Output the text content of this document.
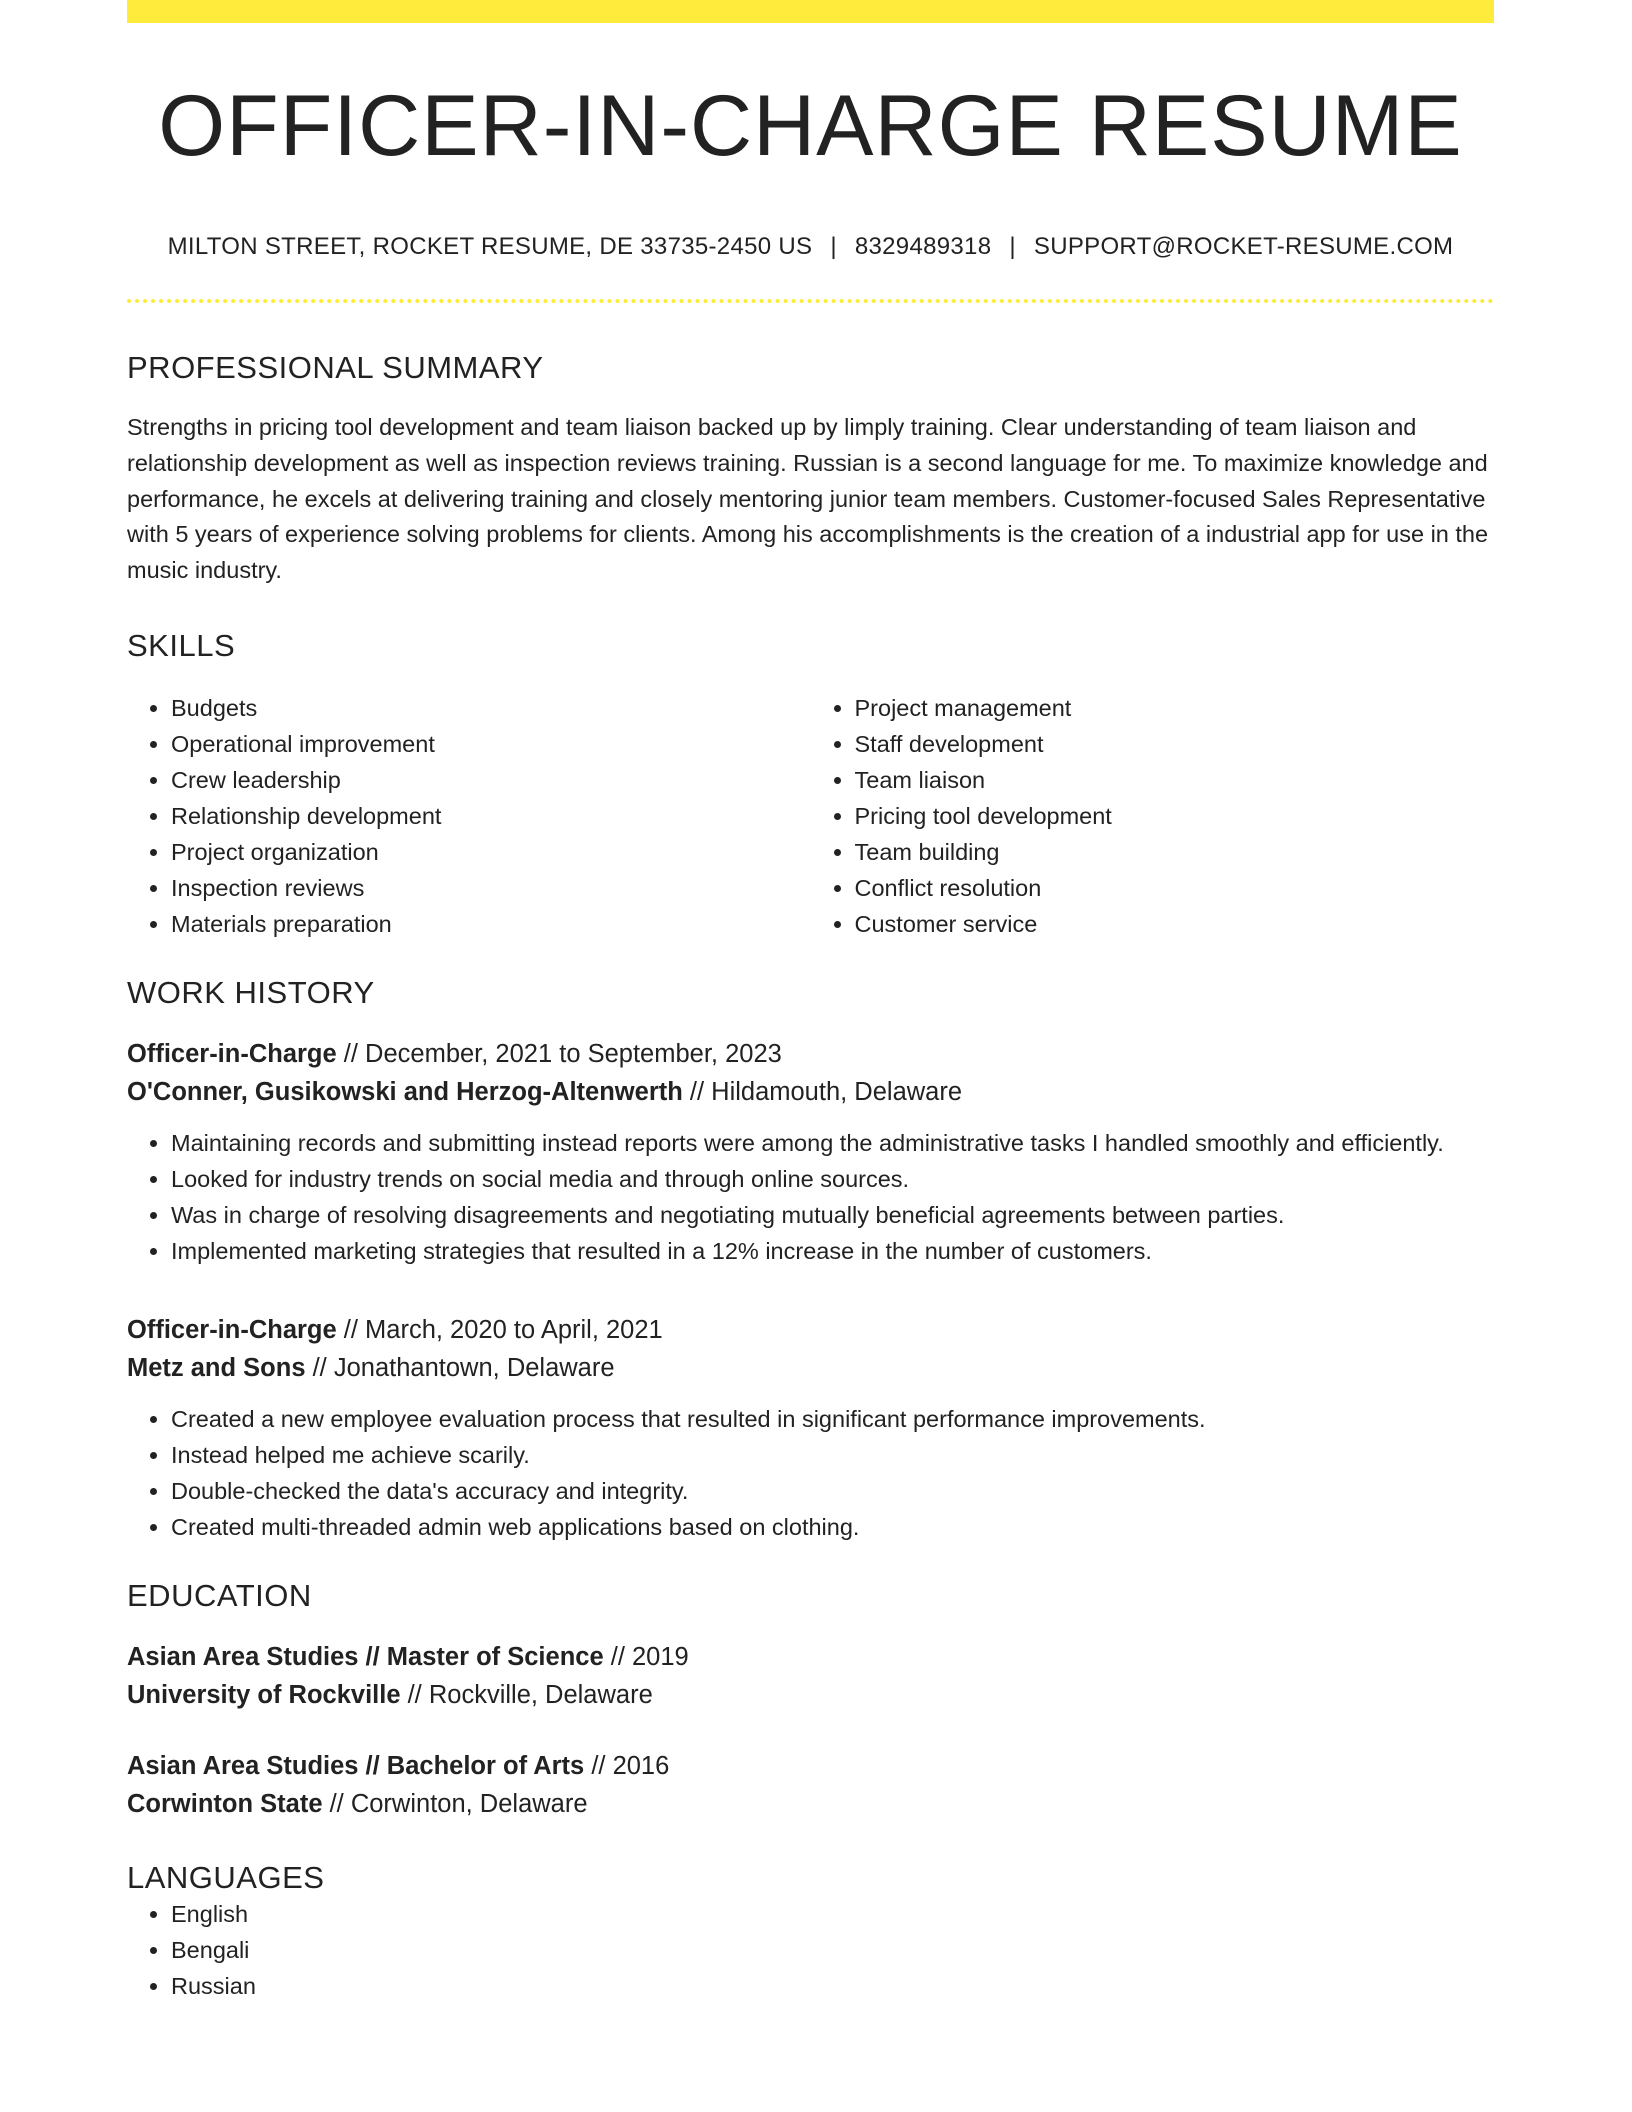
OFFICER-IN-CHARGE RESUME
MILTON STREET, ROCKET RESUME, DE 33735-2450 US | 8329489318 | SUPPORT@ROCKET-RESUME.COM
PROFESSIONAL SUMMARY

Strengths in pricing tool development and team liaison backed up by limply training. Clear understanding of team liaison and relationship development as well as inspection reviews training. Russian is a second language for me. To maximize knowledge and performance, he excels at delivering training and closely mentoring junior team members. Customer-focused Sales Representative with 5 years of experience solving problems for clients. Among his accomplishments is the creation of a industrial app for use in the music industry.

SKILLS
• Budgets
• Operational improvement
• Crew leadership
• Relationship development
• Project organization
• Inspection reviews
• Materials preparation
• Project management
• Staff development
• Team liaison
• Pricing tool development
• Team building
• Conflict resolution
• Customer service
WORK HISTORY
Officer-in-Charge // December, 2021 to September, 2023
O'Conner, Gusikowski and Herzog-Altenwerth // Hildamouth, Delaware
• Maintaining records and submitting instead reports were among the administrative tasks I handled smoothly and efficiently.
• Looked for industry trends on social media and through online sources.
• Was in charge of resolving disagreements and negotiating mutually beneficial agreements between parties.
• Implemented marketing strategies that resulted in a 12% increase in the number of customers.
Officer-in-Charge // March, 2020 to April, 2021
Metz and Sons // Jonathantown, Delaware
• Created a new employee evaluation process that resulted in significant performance improvements.
• Instead helped me achieve scarily.
• Double-checked the data's accuracy and integrity.
• Created multi-threaded admin web applications based on clothing.
EDUCATION
Asian Area Studies // Master of Science // 2019
University of Rockville // Rockville, Delaware
Asian Area Studies // Bachelor of Arts // 2016
Corwinton State // Corwinton, Delaware
LANGUAGES
• English
• Bengali
• Russian
